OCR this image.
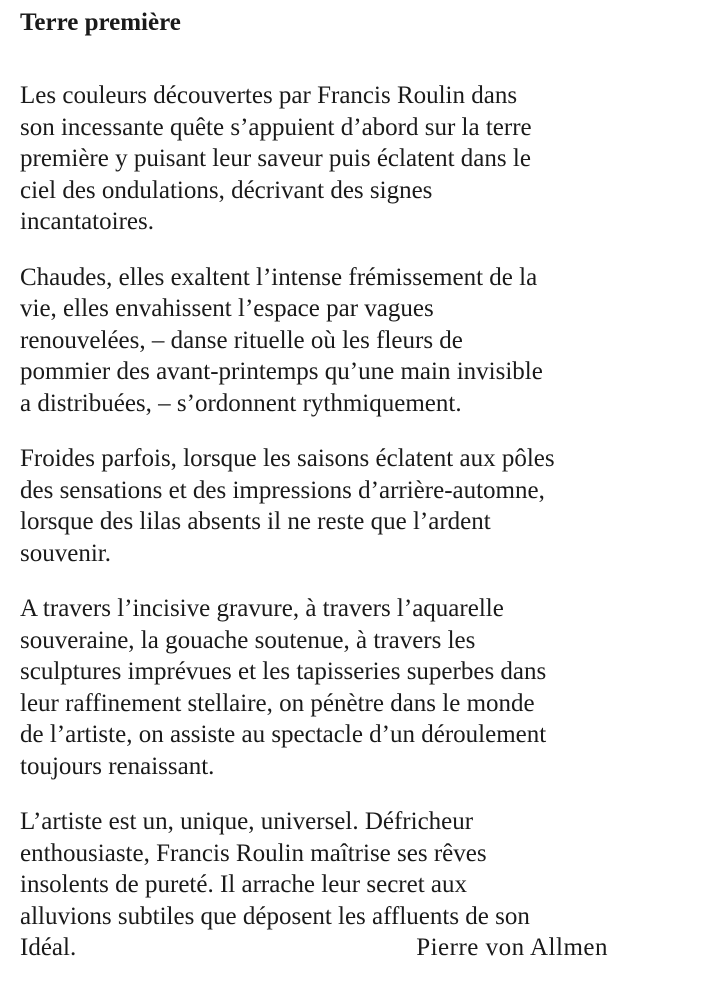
Terre première
Les couleurs découvertes par Francis Roulin dans
son incessante quête s’appuient d’abord sur la terre
première y puisant leur saveur puis éclatent dans le
ciel des ondulations, décrivant des signes
incantatoires.
Chaudes, elles exaltent l’intense frémissement de la
vie, elles envahissent l’espace par vagues
renouvelées, – danse rituelle où les fleurs de
pommier des avant-printemps qu’une main invisible
a distribuées, – s’ordonnent rythmiquement.
Froides parfois, lorsque les saisons éclatent aux pôles
des sensations et des impressions d’arrière-automne,
lorsque des lilas absents il ne reste que l’ardent
souvenir.
A travers l’incisive gravure, à travers l’aquarelle
souveraine, la gouache soutenue, à travers les
sculptures imprévues et les tapisseries superbes dans
leur raffinement stellaire, on pénètre dans le monde
de l’artiste, on assiste au spectacle d’un déroulement
toujours renaissant.
L’artiste est un, unique, universel. Défricheur
enthousiaste, Francis Roulin maîtrise ses rêves
insolents de pureté. Il arrache leur secret aux
alluvions subtiles que déposent les affluents de son
Idéal.	Pierre von Allmen
